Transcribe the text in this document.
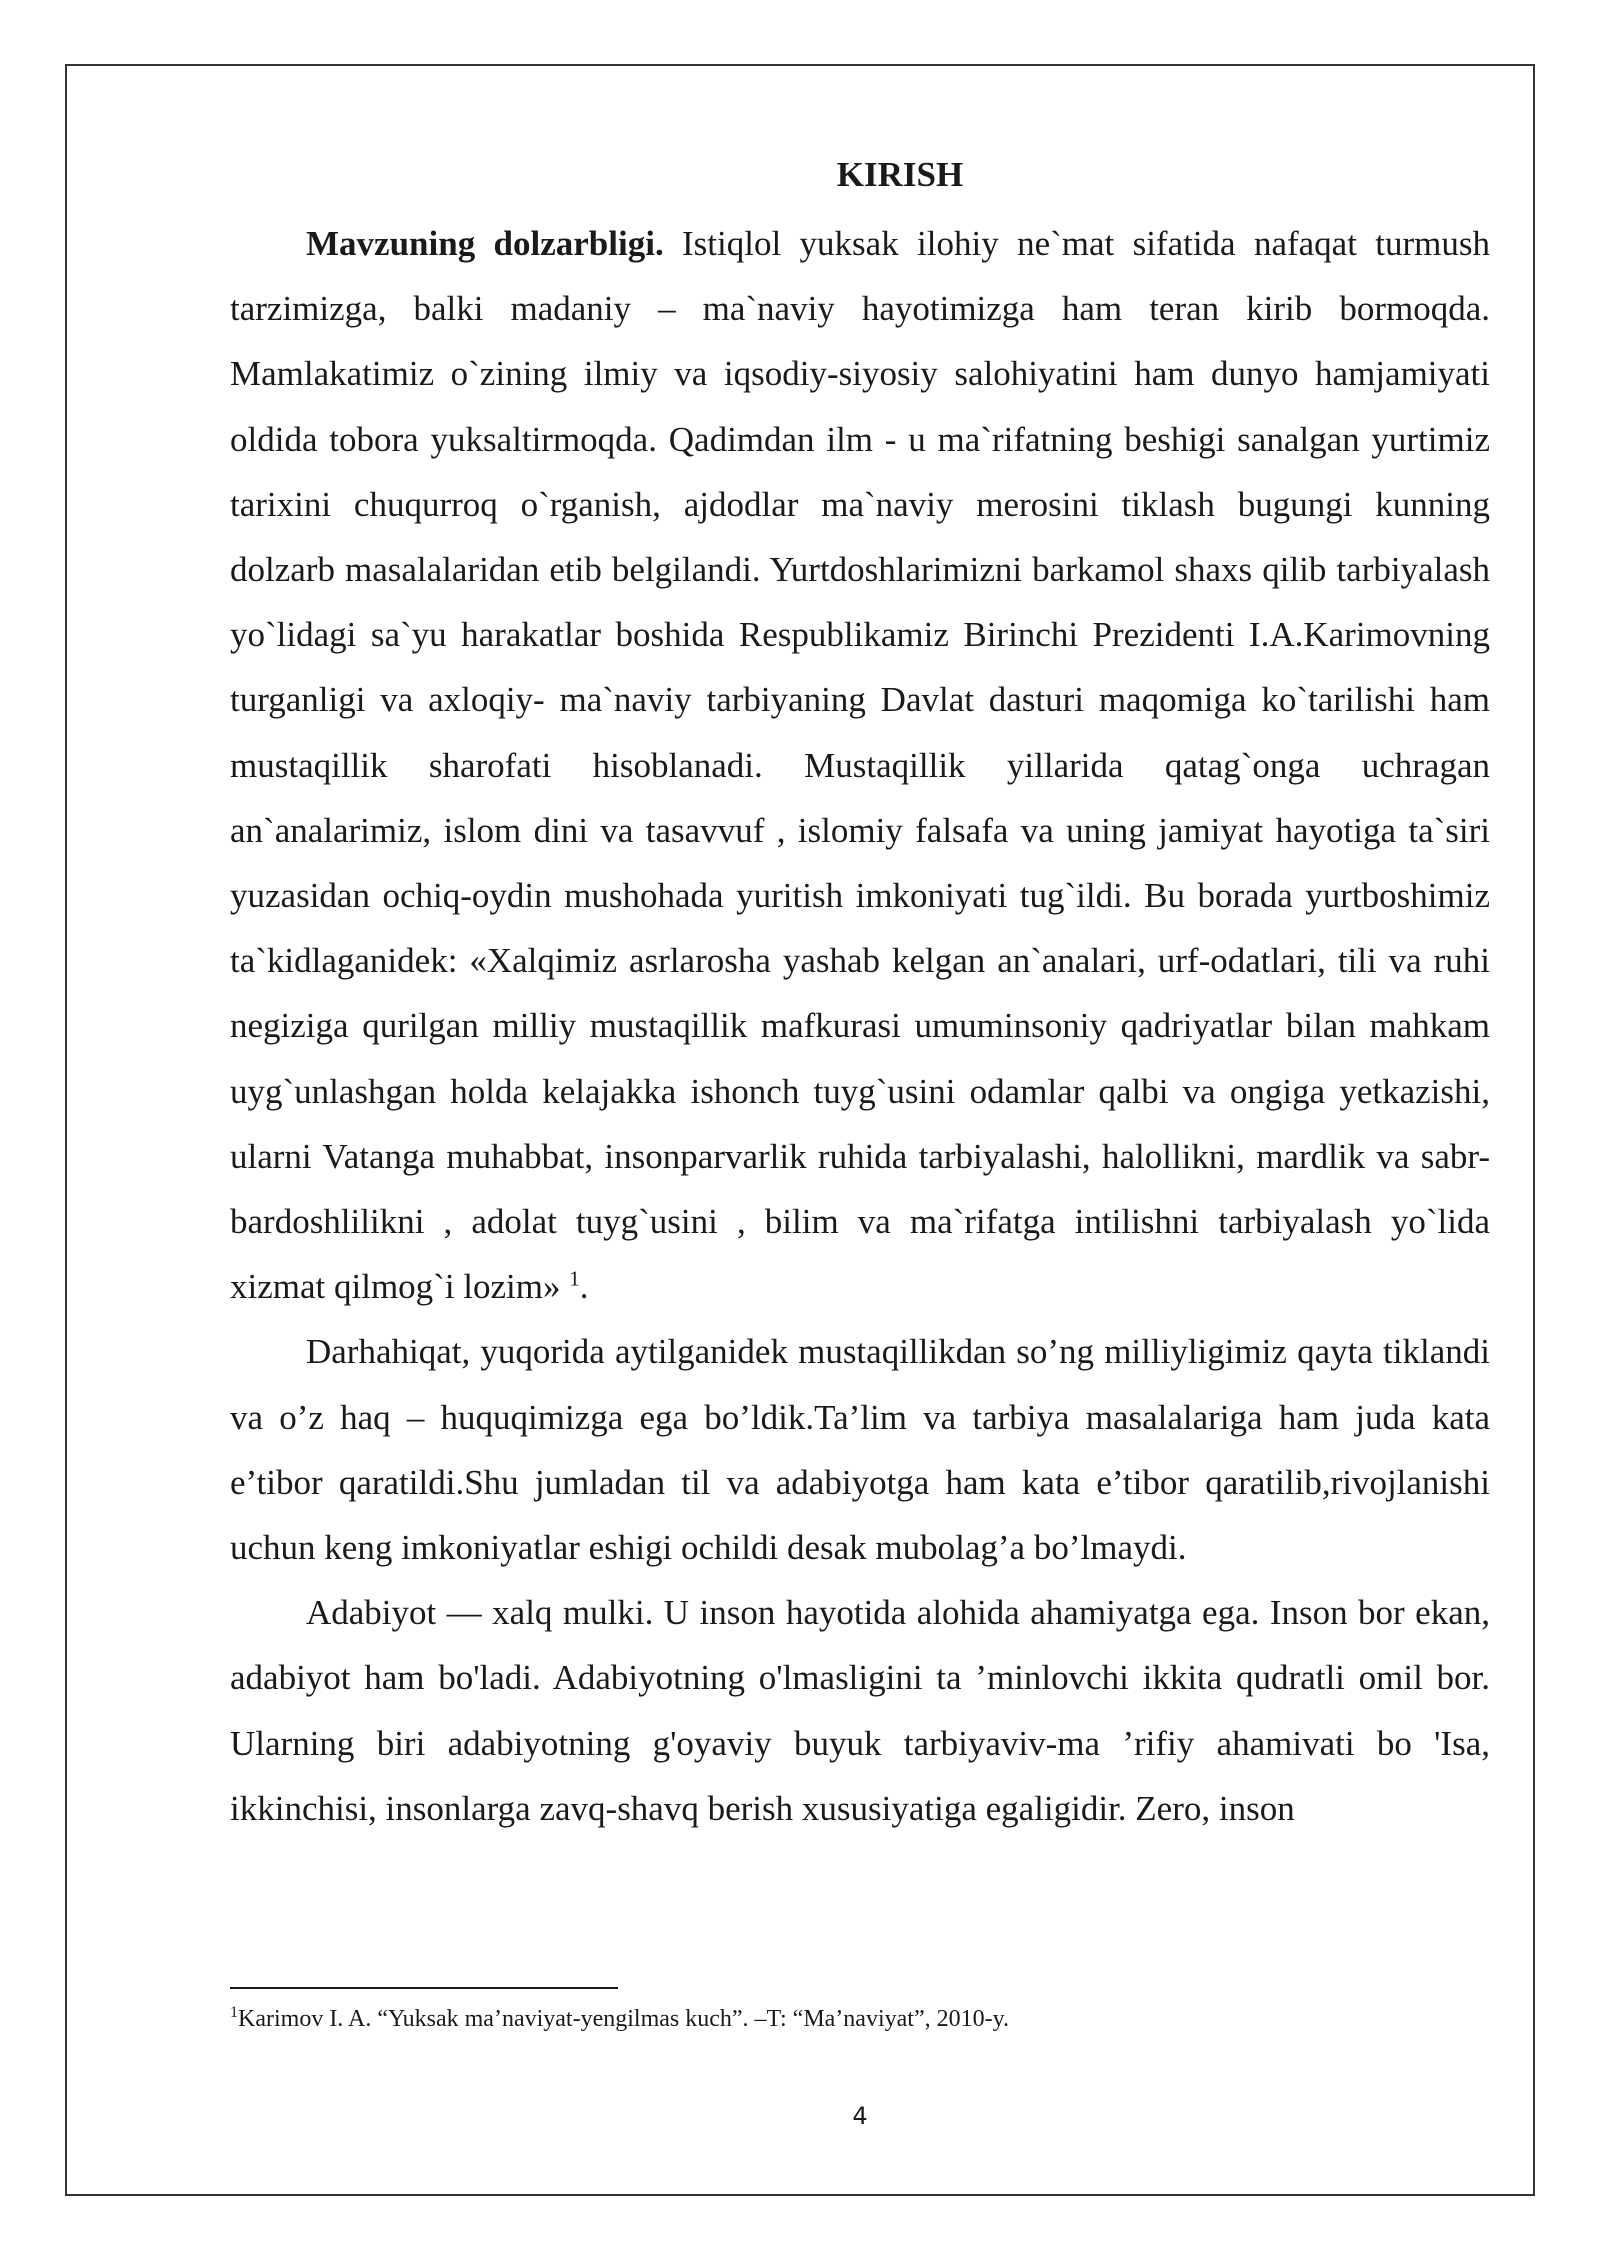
KIRISH

Mavzuning dolzarbligi. Istiqlol yuksak ilohiy ne`mat sifatida nafaqat turmush tarzimizga, balki madaniy – ma`naviy hayotimizga ham teran kirib bormoqda. Mamlakatimiz o`zining ilmiy va iqsodiy-siyosiy salohiyatini ham dunyo hamjamiyati oldida tobora yuksaltirmoqda. Qadimdan ilm - u ma`rifatning beshigi sanalgan yurtimiz tarixini chuqurroq o`rganish, ajdodlar ma`naviy merosini tiklash bugungi kunning dolzarb masalalaridan etib belgilandi. Yurtdoshlarimizni barkamol shaxs qilib tarbiyalash yo`lidagi sa`yu harakatlar boshida Respublikamiz Birinchi Prezidenti I.A.Karimovning turganligi va axloqiy- ma`naviy tarbiyaning Davlat dasturi maqomiga ko`tarilishi ham mustaqillik sharofati hisoblanadi. Mustaqillik yillarida qatag`onga uchragan an`analarimiz, islom dini va tasavvuf , islomiy falsafa va uning jamiyat hayotiga ta`siri yuzasidan ochiq-oydin mushohada yuritish imkoniyati tug`ildi. Bu borada yurtboshimiz ta`kidlaganidek: «Xalqimiz asrlarosha yashab kelgan an`analari, urf-odatlari, tili va ruhi negiziga qurilgan milliy mustaqillik mafkurasi umuminsoniy qadriyatlar bilan mahkam uyg`unlashgan holda kelajakka ishonch tuyg`usini odamlar qalbi va ongiga yetkazishi, ularni Vatanga muhabbat, insonparvarlik ruhida tarbiyalashi, halollikni, mardlik va sabr-bardoshlilikni , adolat tuyg`usini , bilim va ma`rifatga intilishni tarbiyalash yo`lida xizmat qilmog`i lozim» $^1$.

Darhahiqat, yuqorida aytilganidek mustaqillikdan so’ng milliyligimiz qayta tiklandi va o’z haq – huquqimizga ega bo’ldik.Ta’lim va tarbiya masalalariga ham juda kata e’tibor qaratildi.Shu jumladan til va adabiyotga ham kata e’tibor qaratilib,rivojlanishi uchun keng imkoniyatlar eshigi ochildi desak mubolag’a bo’lmaydi.

Adabiyot — xalq mulki. U inson hayotida alohida ahamiyatga ega. Inson bor ekan, adabiyot ham bo'ladi. Adabiyotning o'lmasligini ta ’minlovchi ikkita qudratli omil bor. Ularning biri adabiyotning g'oyaviy buyuk tarbiyaviv-ma ’rifiy ahamivati bo 'Isa, ikkinchisi, insonlarga zavq-shavq berish xususiyatiga egaligidir. Zero, inson

$^1$Karimov I. A. “Yuksak ma’naviyat-yengilmas kuch”. –T: “Ma’naviyat”, 2010-y.

4
